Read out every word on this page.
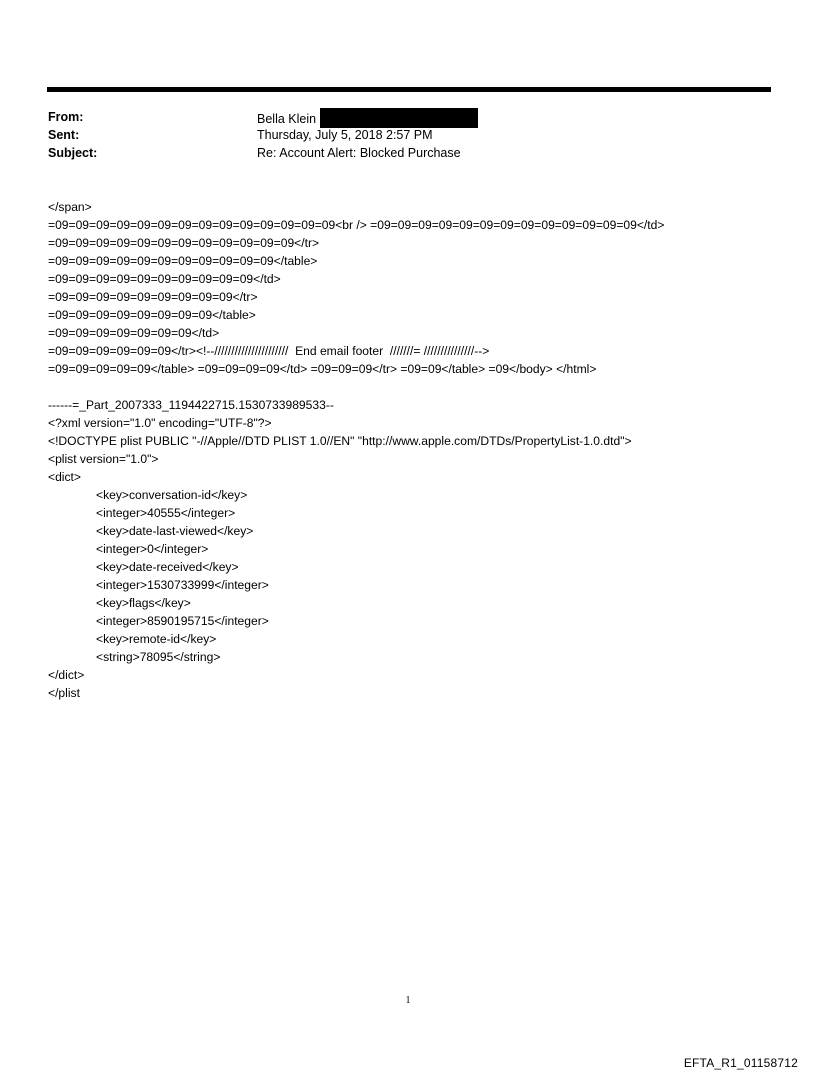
From:	Bella Klein
Sent:	Thursday, July 5, 2018 2:57 PM
Subject:	Re: Account Alert: Blocked Purchase
</span>
=09=09=09=09=09=09=09=09=09=09=09=09=09=09<br /> =09=09=09=09=09=09=09=09=09=09=09=09=09</td>
=09=09=09=09=09=09=09=09=09=09=09=09</tr>
=09=09=09=09=09=09=09=09=09=09=09</table>
=09=09=09=09=09=09=09=09=09=09</td>
=09=09=09=09=09=09=09=09=09</tr>
=09=09=09=09=09=09=09=09</table>
=09=09=09=09=09=09=09</td>
=09=09=09=09=09=09</tr><!--//////////////////////  End email footer  ///////= ///////////////-->
=09=09=09=09=09</table> =09=09=09=09</td> =09=09=09</tr> =09=09</table> =09</body> </html>
------=_Part_2007333_1194422715.1530733989533--
<?xml version="1.0" encoding="UTF-8"?>
<!DOCTYPE plist PUBLIC "-//Apple//DTD PLIST 1.0//EN" "http://www.apple.com/DTDs/PropertyList-1.0.dtd">
<plist version="1.0">
<dict>
<key>conversation-id</key>
<integer>40555</integer>
<key>date-last-viewed</key>
<integer>0</integer>
<key>date-received</key>
<integer>1530733999</integer>
<key>flags</key>
<integer>8590195715</integer>
<key>remote-id</key>
<string>78095</string>
</dict>
</plist
1
EFTA_R1_01158712
